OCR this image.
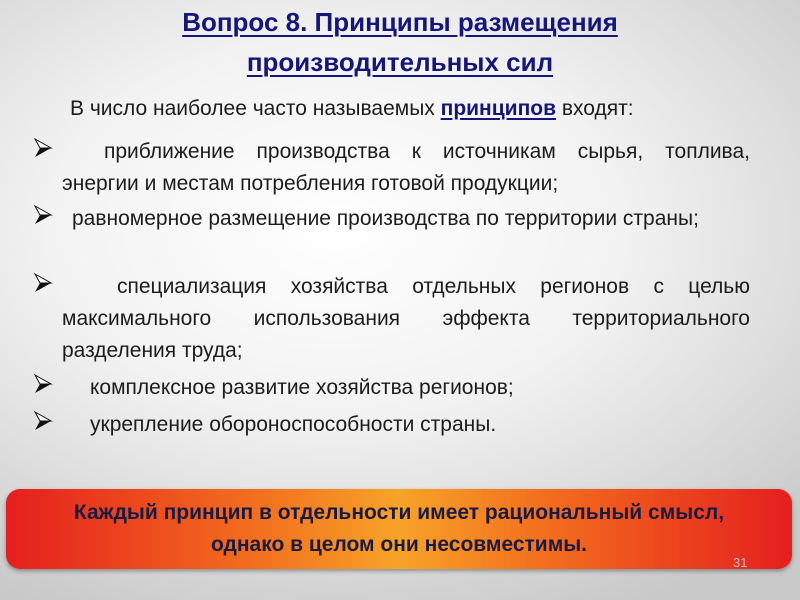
Вопрос 8. Принципы размещения
производительных сил
В число наиболее часто называемых принципов входят:
приближение производства к источникам сырья, топлива, энергии и местам потребления готовой продукции;
равномерное размещение производства по территории страны;
специализация хозяйства отдельных регионов с целью максимального использования эффекта территориального разделения труда;
комплексное развитие хозяйства регионов;
укрепление обороноспособности страны.
Каждый принцип в отдельности имеет рациональный смысл,
однако в целом они несовместимы.
31
